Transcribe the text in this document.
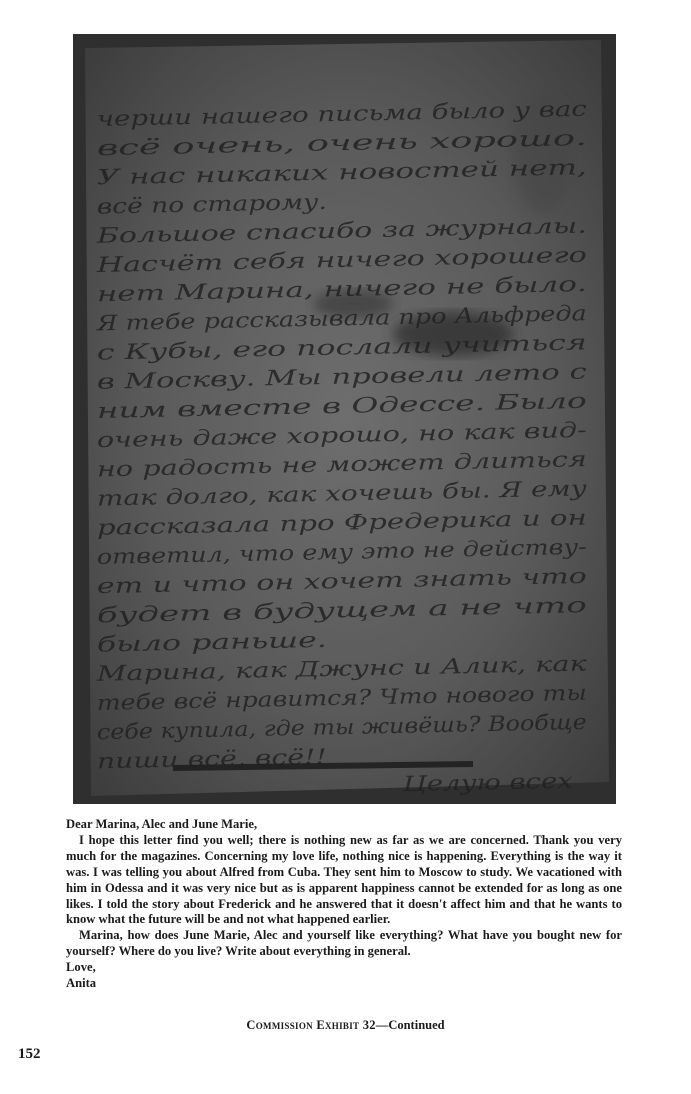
черши нашего письма было у вас
всё очень, очень хорошо.
У нас никаких новостей нет,
всё по старому.
Большое спасибо за журналы.
Насчёт себя ничего хорошего
нет Марина, ничего не было.
Я тебе рассказывала про Альфреда
с Кубы, его послали учиться
в Москву. Мы провели лето с
ним вместе в Одессе. Было
очень даже хорошо, но как вид-
но радость не может длиться
так долго, как хочешь бы. Я ему
рассказала про Фредерика и он
ответил, что ему это не действу-
ет и что он хочет знать что
будет в будущем а не что
было раньше.
Марина, как Джунс и Алик, как
тебе всё нравится? Что нового ты
себе купила, где ты живёшь? Вообще
пиши всё, всё!!
Целую всех

Dear Marina, Alec and June Marie,

I hope this letter find you well; there is nothing new as far as we are concerned. Thank you very much for the magazines. Concerning my love life, nothing nice is happening. Everything is the way it was. I was telling you about Alfred from Cuba. They sent him to Moscow to study. We vacationed with him in Odessa and it was very nice but as is apparent happiness cannot be extended for as long as one likes. I told the story about Frederick and he answered that it doesn't affect him and that he wants to know what the future will be and not what happened earlier.

Marina, how does June Marie, Alec and yourself like everything? What have you bought new for yourself? Where do you live? Write about everything in general.

Love,

Anita

Commission Exhibit 32—Continued
152
